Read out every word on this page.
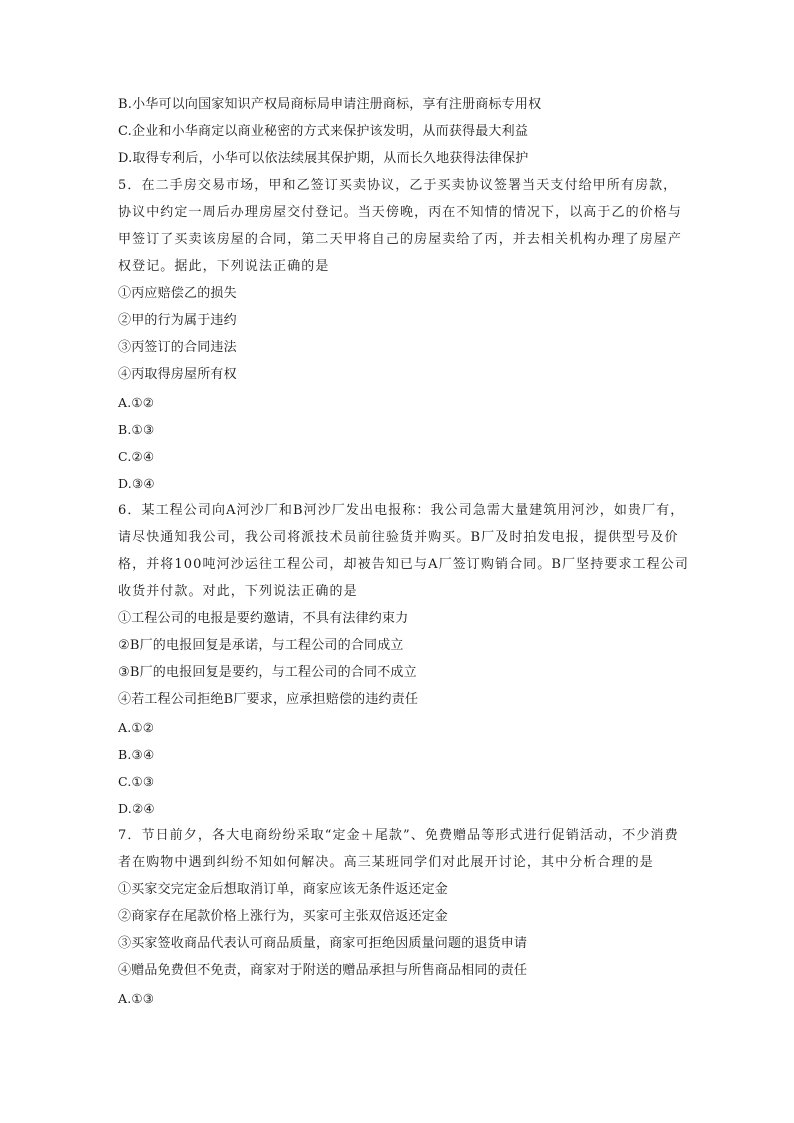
B.小华可以向国家知识产权局商标局申请注册商标，享有注册商标专用权
C.企业和小华商定以商业秘密的方式来保护该发明，从而获得最大利益
D.取得专利后，小华可以依法续展其保护期，从而长久地获得法律保护
5．在二手房交易市场，甲和乙签订买卖协议，乙于买卖协议签署当天支付给甲所有房款，
协议中约定一周后办理房屋交付登记。当天傍晚，丙在不知情的情况下，以高于乙的价格与
甲签订了买卖该房屋的合同，第二天甲将自己的房屋卖给了丙，并去相关机构办理了房屋产
权登记。据此，下列说法正确的是
①丙应赔偿乙的损失
②甲的行为属于违约
③丙签订的合同违法
④丙取得房屋所有权
A.①②
B.①③
C.②④
D.③④
6．某工程公司向A河沙厂和B河沙厂发出电报称：我公司急需大量建筑用河沙，如贵厂有，
请尽快通知我公司，我公司将派技术员前往验货并购买。B厂及时拍发电报，提供型号及价
格，并将100吨河沙运往工程公司，却被告知已与A厂签订购销合同。B厂坚持要求工程公司
收货并付款。对此，下列说法正确的是
①工程公司的电报是要约邀请，不具有法律约束力
②B厂的电报回复是承诺，与工程公司的合同成立
③B厂的电报回复是要约，与工程公司的合同不成立
④若工程公司拒绝B厂要求，应承担赔偿的违约责任
A.①②
B.③④
C.①③
D.②④
7．节日前夕，各大电商纷纷采取“定金＋尾款”、免费赠品等形式进行促销活动，不少消费
者在购物中遇到纠纷不知如何解决。高三某班同学们对此展开讨论，其中分析合理的是
①买家交完定金后想取消订单，商家应该无条件返还定金
②商家存在尾款价格上涨行为，买家可主张双倍返还定金
③买家签收商品代表认可商品质量，商家可拒绝因质量问题的退货申请
④赠品免费但不免责，商家对于附送的赠品承担与所售商品相同的责任
A.①③
